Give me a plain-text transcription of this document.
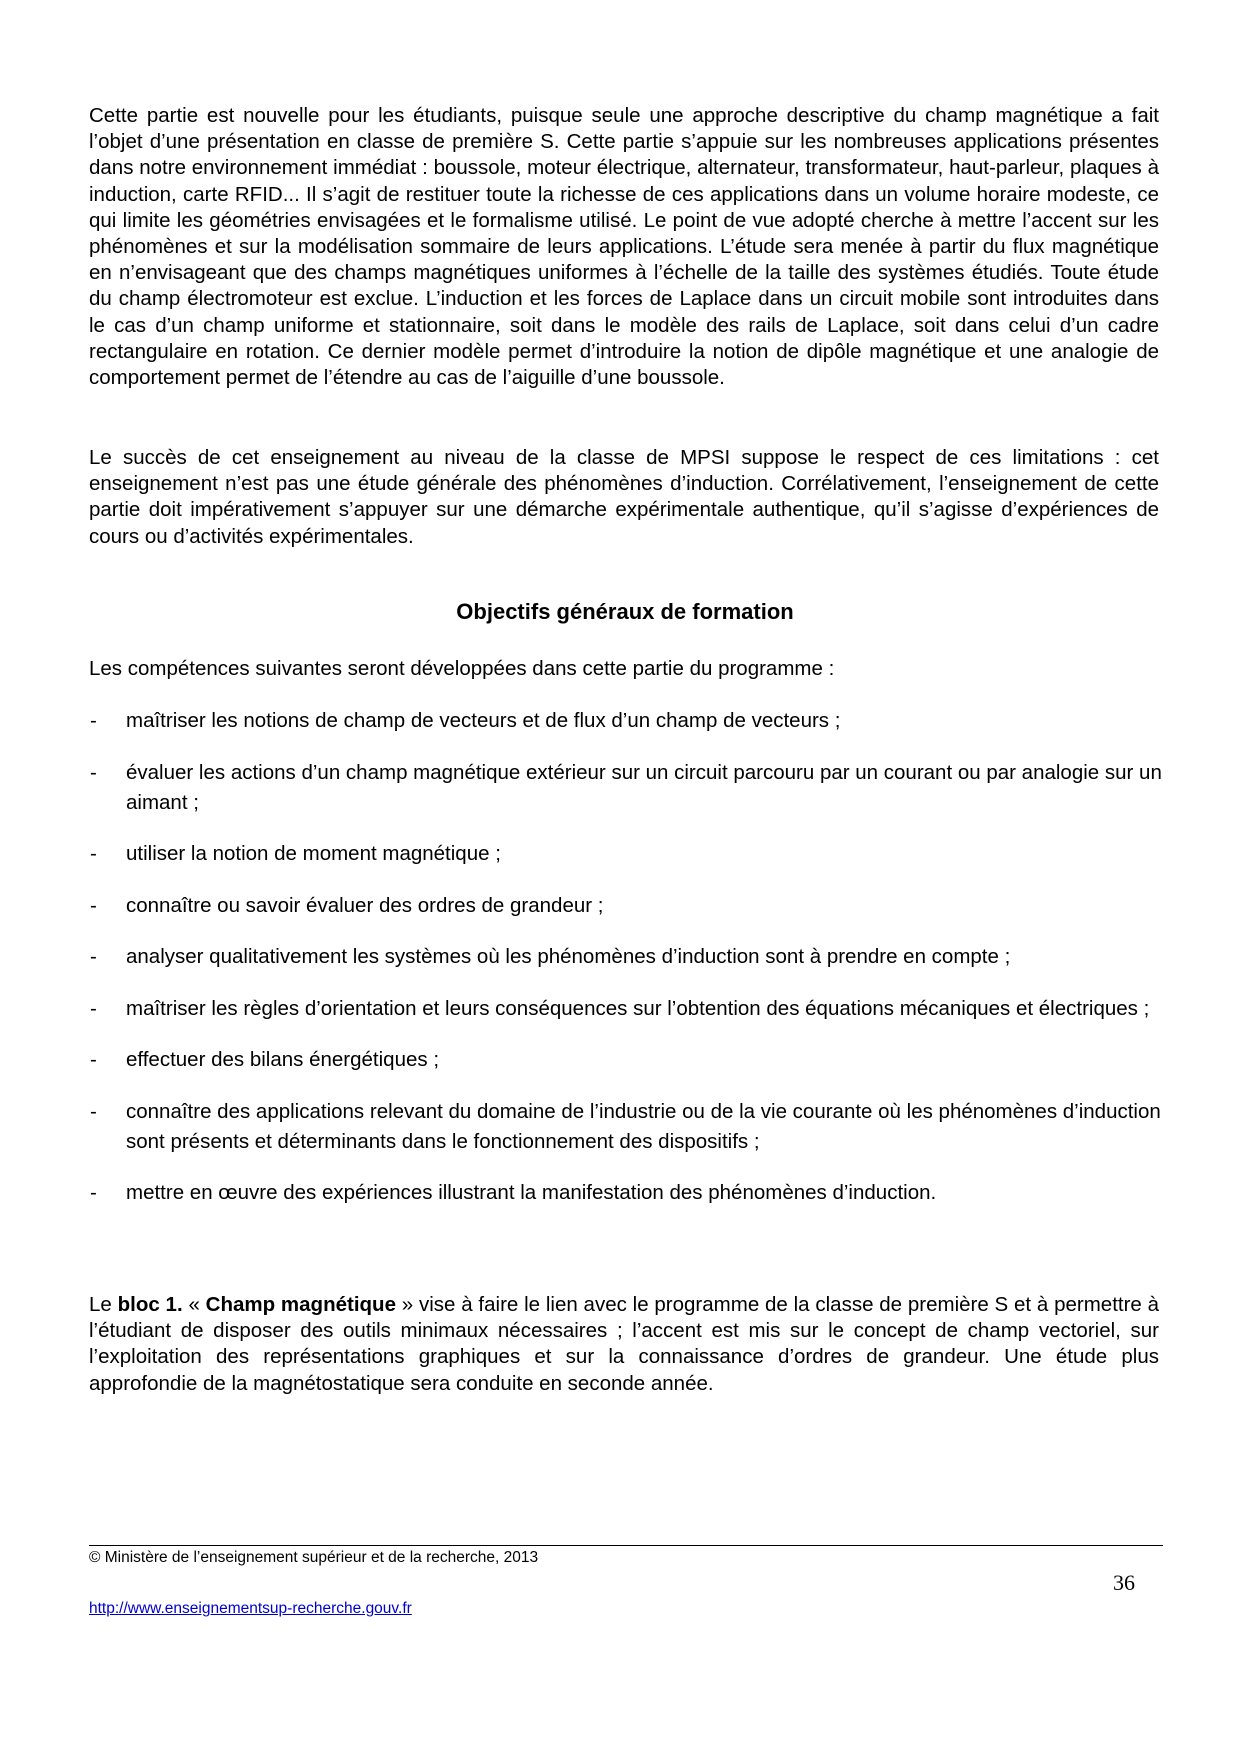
Cette partie est nouvelle pour les étudiants, puisque seule une approche descriptive du champ magnétique a fait l’objet d’une présentation en classe de première S. Cette partie s’appuie sur les nombreuses applications présentes dans notre environnement immédiat : boussole, moteur électrique, alternateur, transformateur, haut-parleur, plaques à induction, carte RFID... Il s’agit de restituer toute la richesse de ces applications dans un volume horaire modeste, ce qui limite les géométries envisagées et le formalisme utilisé. Le point de vue adopté cherche à mettre l’accent sur les phénomènes et sur la modélisation sommaire de leurs applications. L’étude sera menée à partir du flux magnétique en n’envisageant que des champs magnétiques uniformes à l’échelle de la taille des systèmes étudiés. Toute étude du champ électromoteur est exclue. L’induction et les forces de Laplace dans un circuit mobile sont introduites dans le cas d’un champ uniforme et stationnaire, soit dans le modèle des rails de Laplace, soit dans celui d’un cadre rectangulaire en rotation. Ce dernier modèle permet d’introduire la notion de dipôle magnétique et une analogie de comportement permet de l’étendre au cas de l’aiguille d’une boussole.

Le succès de cet enseignement au niveau de la classe de MPSI suppose le respect de ces limitations : cet enseignement n’est pas une étude générale des phénomènes d’induction. Corrélativement, l’enseignement de cette partie doit impérativement s’appuyer sur une démarche expérimentale authentique, qu’il s’agisse d’expériences de cours ou d’activités expérimentales.

Objectifs généraux de formation

Les compétences suivantes seront développées dans cette partie du programme :

- maîtriser les notions de champ de vecteurs et de flux d’un champ de vecteurs ;
- évaluer les actions d’un champ magnétique extérieur sur un circuit parcouru par un courant ou par analogie sur un aimant ;
- utiliser la notion de moment magnétique ;
- connaître ou savoir évaluer des ordres de grandeur ;
- analyser qualitativement les systèmes où les phénomènes d’induction sont à prendre en compte ;
- maîtriser les règles d’orientation et leurs conséquences sur l’obtention des équations mécaniques et électriques ;
- effectuer des bilans énergétiques ;
- connaître des applications relevant du domaine de l’industrie ou de la vie courante où les phénomènes d’induction sont présents et déterminants dans le fonctionnement des dispositifs ;
- mettre en œuvre des expériences illustrant la manifestation des phénomènes d’induction.

Le bloc 1. « Champ magnétique » vise à faire le lien avec le programme de la classe de première S et à permettre à l’étudiant de disposer des outils minimaux nécessaires ; l’accent est mis sur le concept de champ vectoriel, sur l’exploitation des représentations graphiques et sur la connaissance d’ordres de grandeur. Une étude plus approfondie de la magnétostatique sera conduite en seconde année.

© Ministère de l’enseignement supérieur et de la recherche, 2013

36

http://www.enseignementsup-recherche.gouv.fr
